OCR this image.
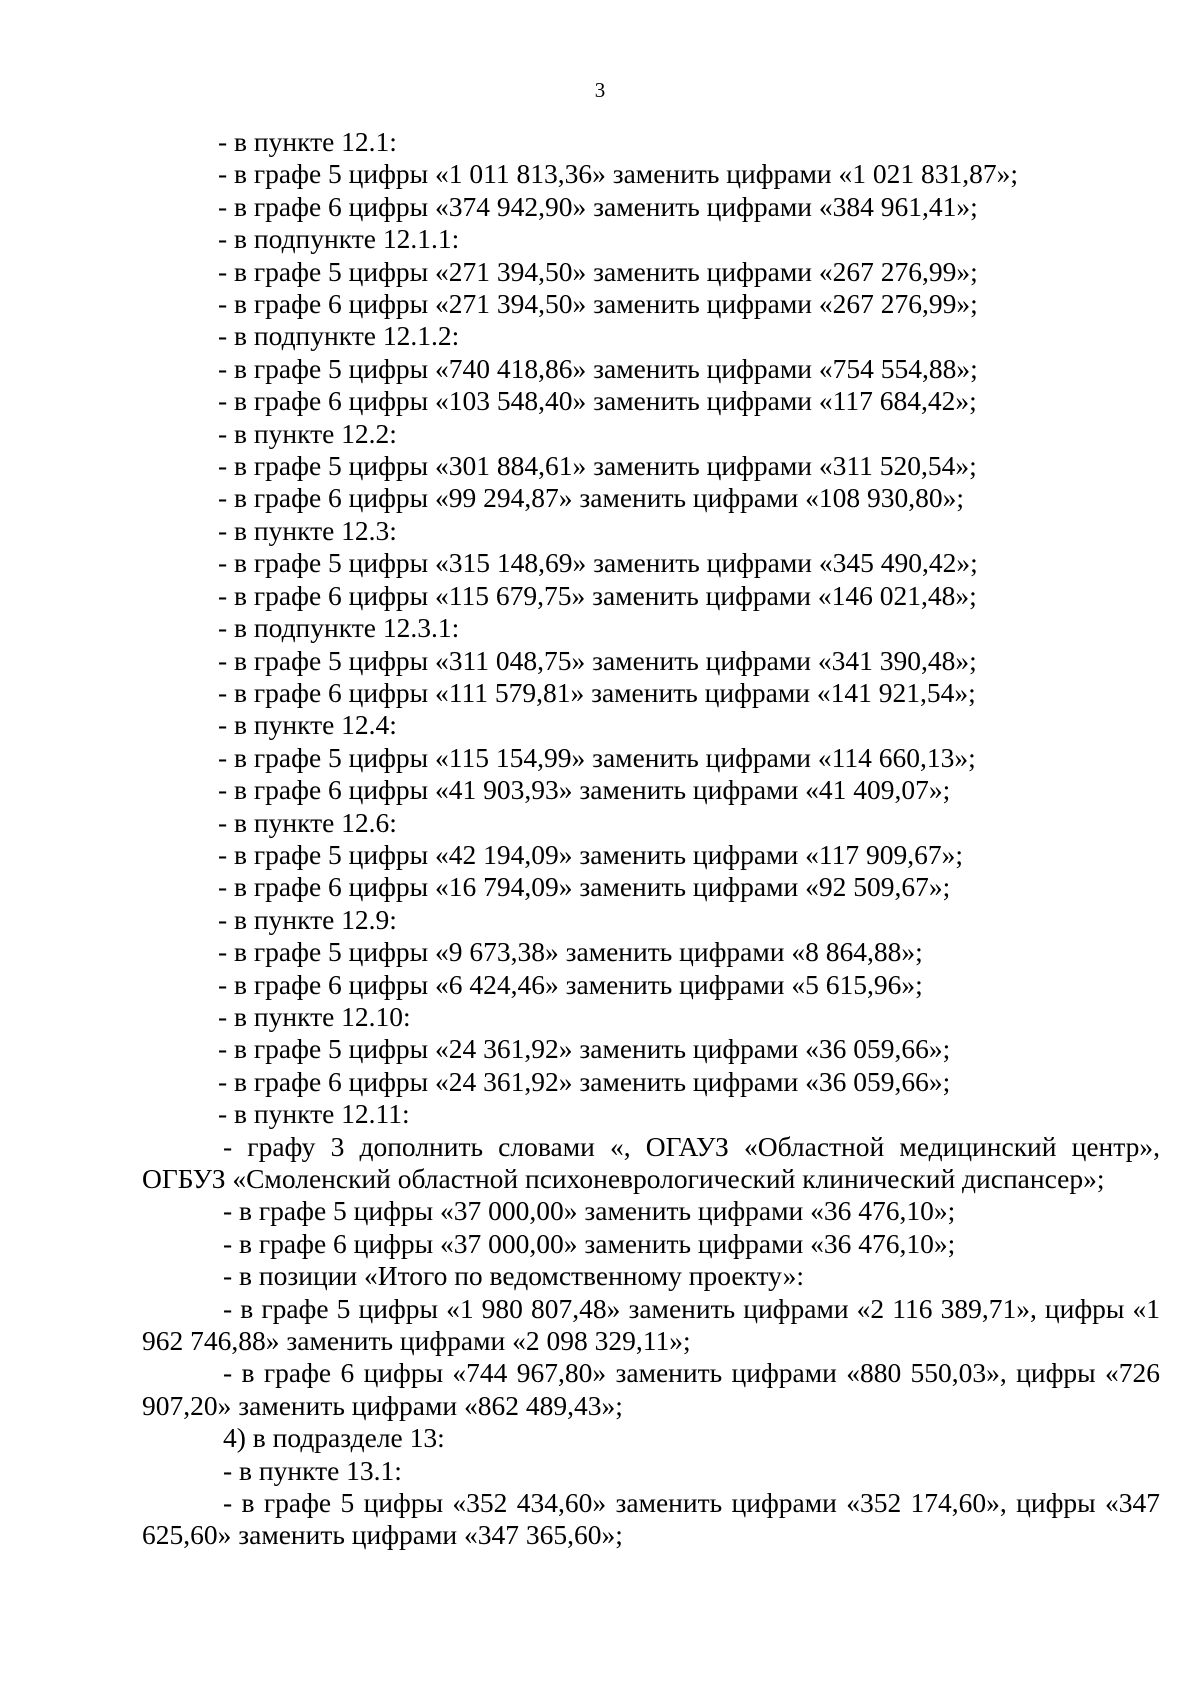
3
- в пункте 12.1:
- в графе 5 цифры «1 011 813,36» заменить цифрами «1 021 831,87»;
- в графе 6 цифры «374 942,90» заменить цифрами «384 961,41»;
- в подпункте 12.1.1:
- в графе 5 цифры «271 394,50» заменить цифрами «267 276,99»;
- в графе 6 цифры «271 394,50» заменить цифрами «267 276,99»;
- в подпункте 12.1.2:
- в графе 5 цифры «740 418,86» заменить цифрами «754 554,88»;
- в графе 6 цифры «103 548,40» заменить цифрами «117 684,42»;
- в пункте 12.2:
- в графе 5 цифры «301 884,61» заменить цифрами «311 520,54»;
- в графе 6 цифры «99 294,87» заменить цифрами «108 930,80»;
- в пункте 12.3:
- в графе 5 цифры «315 148,69» заменить цифрами «345 490,42»;
- в графе 6 цифры «115 679,75» заменить цифрами «146 021,48»;
- в подпункте 12.3.1:
- в графе 5 цифры «311 048,75» заменить цифрами «341 390,48»;
- в графе 6 цифры «111 579,81» заменить цифрами «141 921,54»;
- в пункте 12.4:
- в графе 5 цифры «115 154,99» заменить цифрами «114 660,13»;
- в графе 6 цифры «41 903,93» заменить цифрами «41 409,07»;
- в пункте 12.6:
- в графе 5 цифры «42 194,09» заменить цифрами «117 909,67»;
- в графе 6 цифры «16 794,09» заменить цифрами «92 509,67»;
- в пункте 12.9:
- в графе 5 цифры «9 673,38» заменить цифрами «8 864,88»;
- в графе 6 цифры «6 424,46» заменить цифрами «5 615,96»;
- в пункте 12.10:
- в графе 5 цифры «24 361,92» заменить цифрами «36 059,66»;
- в графе 6 цифры «24 361,92» заменить цифрами «36 059,66»;
- в пункте 12.11:
- графу 3 дополнить словами «, ОГАУЗ «Областной медицинский центр», ОГБУЗ «Смоленский областной психоневрологический клинический диспансер»;
- в графе 5 цифры «37 000,00» заменить цифрами «36 476,10»;
- в графе 6 цифры «37 000,00» заменить цифрами «36 476,10»;
- в позиции «Итого по ведомственному проекту»:
- в графе 5 цифры «1 980 807,48» заменить цифрами «2 116 389,71», цифры «1 962 746,88» заменить цифрами «2 098 329,11»;
- в графе 6 цифры «744 967,80» заменить цифрами «880 550,03», цифры «726 907,20» заменить цифрами «862 489,43»;
4) в подразделе 13:
- в пункте 13.1:
- в графе 5 цифры «352 434,60» заменить цифрами «352 174,60», цифры «347 625,60» заменить цифрами «347 365,60»;
